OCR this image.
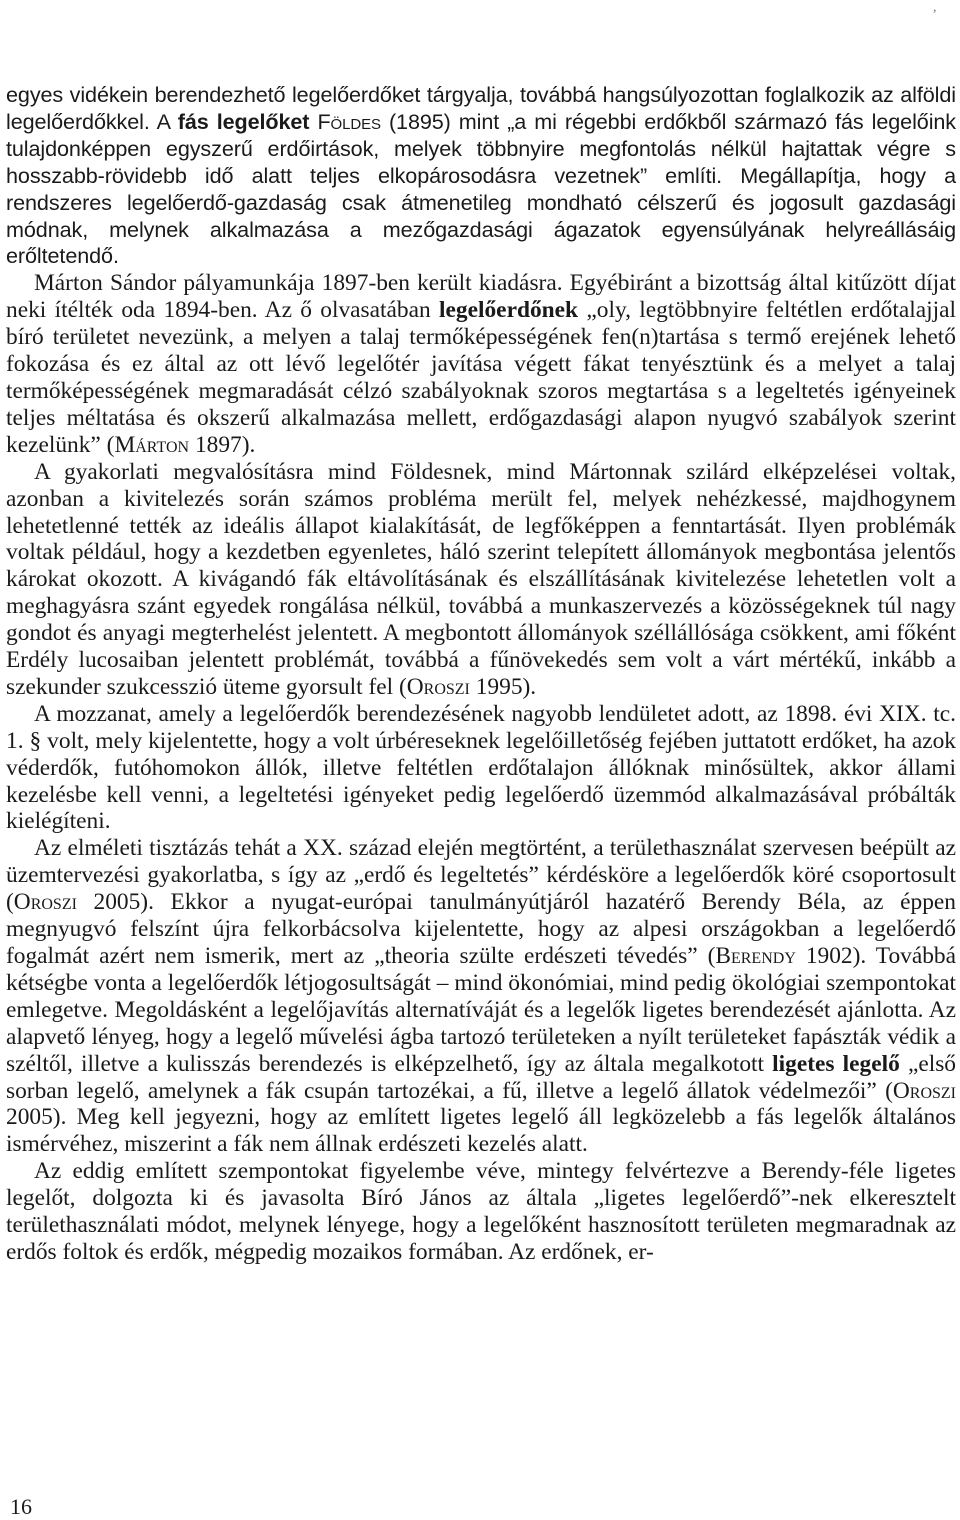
,

egyes vidékein berendezhető legelőerdőket tárgyalja, továbbá hangsúlyozottan foglalkozik az alföldi legelőerdőkkel. A fás legelőket Földes (1895) mint „a mi régebbi erdőkből származó fás legelőink tulajdonképpen egyszerű erdőirtások, melyek többnyire megfontolás nélkül hajtattak végre s hosszabb-rövidebb idő alatt teljes elkopárosodásra vezetnek” említi. Megállapítja, hogy a rendszeres legelőerdő-gazdaság csak átmenetileg mondható célszerű és jogosult gazdasági módnak, melynek alkalmazása a mezőgazdasági ágazatok egyensúlyának helyreállásáig erőltetendő.

Márton Sándor pályamunkája 1897-ben került kiadásra. Egyébiránt a bizottság által kitűzött díjat neki ítélték oda 1894-ben. Az ő olvasatában legelőerdőnek „oly, legtöbbnyire feltétlen erdőtalajjal bíró területet nevezünk, a melyen a talaj termőképességének fen(n)tartása s termő erejének lehető fokozása és ez által az ott lévő legelőtér javítása végett fákat tenyésztünk és a melyet a talaj termőképességének megmaradását célzó szabályoknak szoros megtartása s a legeltetés igényeinek teljes méltatása és okszerű alkalmazása mellett, erdőgazdasági alapon nyugvó szabályok szerint kezelünk” (Márton 1897).

A gyakorlati megvalósításra mind Földesnek, mind Mártonnak szilárd elképzelései voltak, azonban a kivitelezés során számos probléma merült fel, melyek nehézkessé, majdhogynem lehetetlenné tették az ideális állapot kialakítását, de legfőképpen a fenntartását. Ilyen problémák voltak például, hogy a kezdetben egyenletes, háló szerint telepített állományok megbontása jelentős károkat okozott. A kivágandó fák eltávolításának és elszállításának kivitelezése lehetetlen volt a meghagyásra szánt egyedek rongálása nélkül, továbbá a munkaszervezés a közösségeknek túl nagy gondot és anyagi megterhelést jelentett. A megbontott állományok széllállósága csökkent, ami főként Erdély lucosaiban jelentett problémát, továbbá a fűnövekedés sem volt a várt mértékű, inkább a szekunder szukcesszió üteme gyorsult fel (Oroszi 1995).

A mozzanat, amely a legelőerdők berendezésének nagyobb lendületet adott, az 1898. évi XIX. tc. 1. § volt, mely kijelentette, hogy a volt úrbéreseknek legelőilletőség fejében juttatott erdőket, ha azok véderdők, futóhomokon állók, illetve feltétlen erdőtalajon állóknak minősültek, akkor állami kezelésbe kell venni, a legeltetési igényeket pedig legelőerdő üzemmód alkalmazásával próbálták kielégíteni.

Az elméleti tisztázás tehát a XX. század elején megtörtént, a területhasználat szervesen beépült az üzemtervezési gyakorlatba, s így az „erdő és legeltetés” kérdésköre a legelőerdők köré csoportosult (Oroszi 2005). Ekkor a nyugat-európai tanulmányútjáról hazatérő Berendy Béla, az éppen megnyugvó felszínt újra felkorbácsolva kijelentette, hogy az alpesi országokban a legelőerdő fogalmát azért nem ismerik, mert az „theoria szülte erdészeti tévedés” (Berendy 1902). Továbbá kétségbe vonta a legelőerdők létjogosultságát – mind ökonómiai, mind pedig ökológiai szempontokat emlegetve. Megoldásként a legelőjavítás alternatíváját és a legelők ligetes berendezését ajánlotta. Az alapvető lényeg, hogy a legelő művelési ágba tartozó területeken a nyílt területeket fapászták védik a széltől, illetve a kulisszás berendezés is elképzelhető, így az általa megalkotott ligetes legelő „első sorban legelő, amelynek a fák csupán tartozékai, a fű, illetve a legelő állatok védelmezői” (Oroszi 2005). Meg kell jegyezni, hogy az említett ligetes legelő áll legközelebb a fás legelők általános ismérvéhez, miszerint a fák nem állnak erdészeti kezelés alatt.

Az eddig említett szempontokat figyelembe véve, mintegy felvértezve a Berendy-féle ligetes legelőt, dolgozta ki és javasolta Bíró János az általa „ligetes legelőerdő”-nek elkeresztelt területhasználati módot, melynek lényege, hogy a legelőként hasznosított területen megmaradnak az erdős foltok és erdők, mégpedig mozaikos formában. Az erdőnek, er-

16
